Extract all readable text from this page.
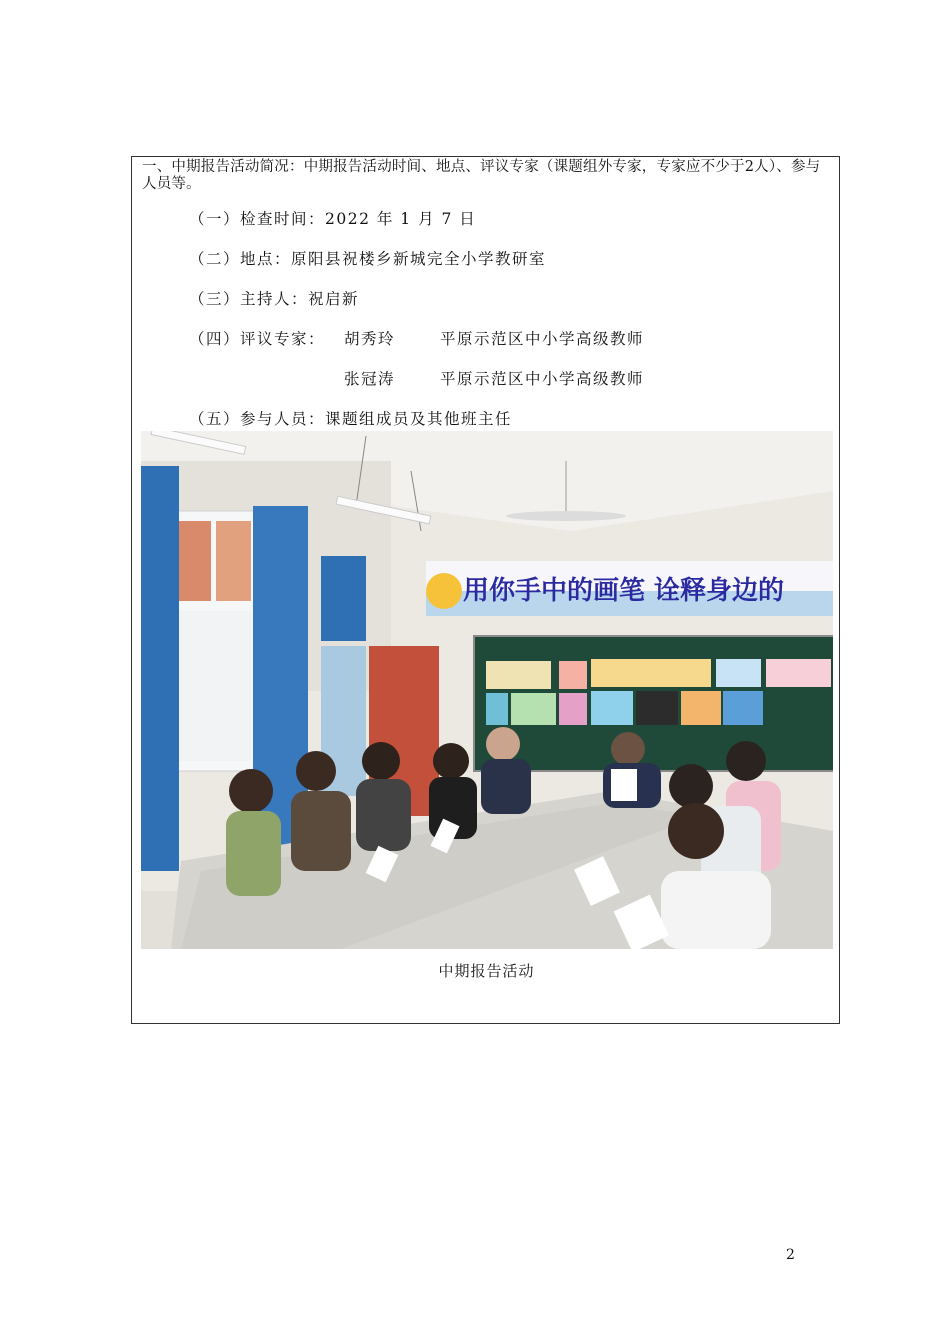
一、中期报告活动简况：中期报告活动时间、地点、评议专家（课题组外专家，专家应不少于2人）、参与人员等。
（一）检查时间：2022 年 1 月 7 日
（二）地点：原阳县祝楼乡新城完全小学教研室
（三）主持人：祝启新
（四）评议专家： 胡秀玲	平原示范区中小学高级教师
张冠涛	平原示范区中小学高级教师
（五）参与人员：课题组成员及其他班主任
用你手中的画笔 诠释身边的
中期报告活动
2
